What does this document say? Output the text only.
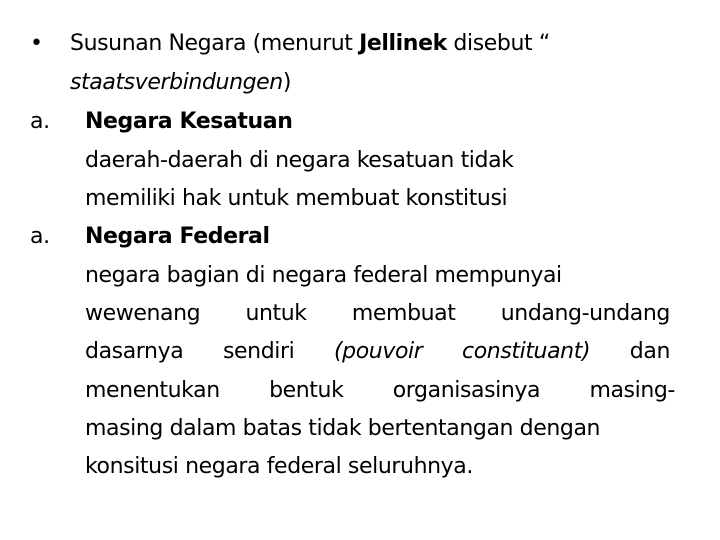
• Susunan Negara (menurut Jellinek disebut “
staatsverbindungen)
a. Negara Kesatuan
daerah-daerah di negara kesatuan tidak
memiliki hak untuk membuat konstitusi
a. Negara Federal
negara bagian di negara federal mempunyai
wewenang untuk membuat undang-undang
dasarnya sendiri (pouvoir constituant) dan
menentukan bentuk organisasinya masing-
masing dalam batas tidak bertentangan dengan
konsitusi negara federal seluruhnya.
